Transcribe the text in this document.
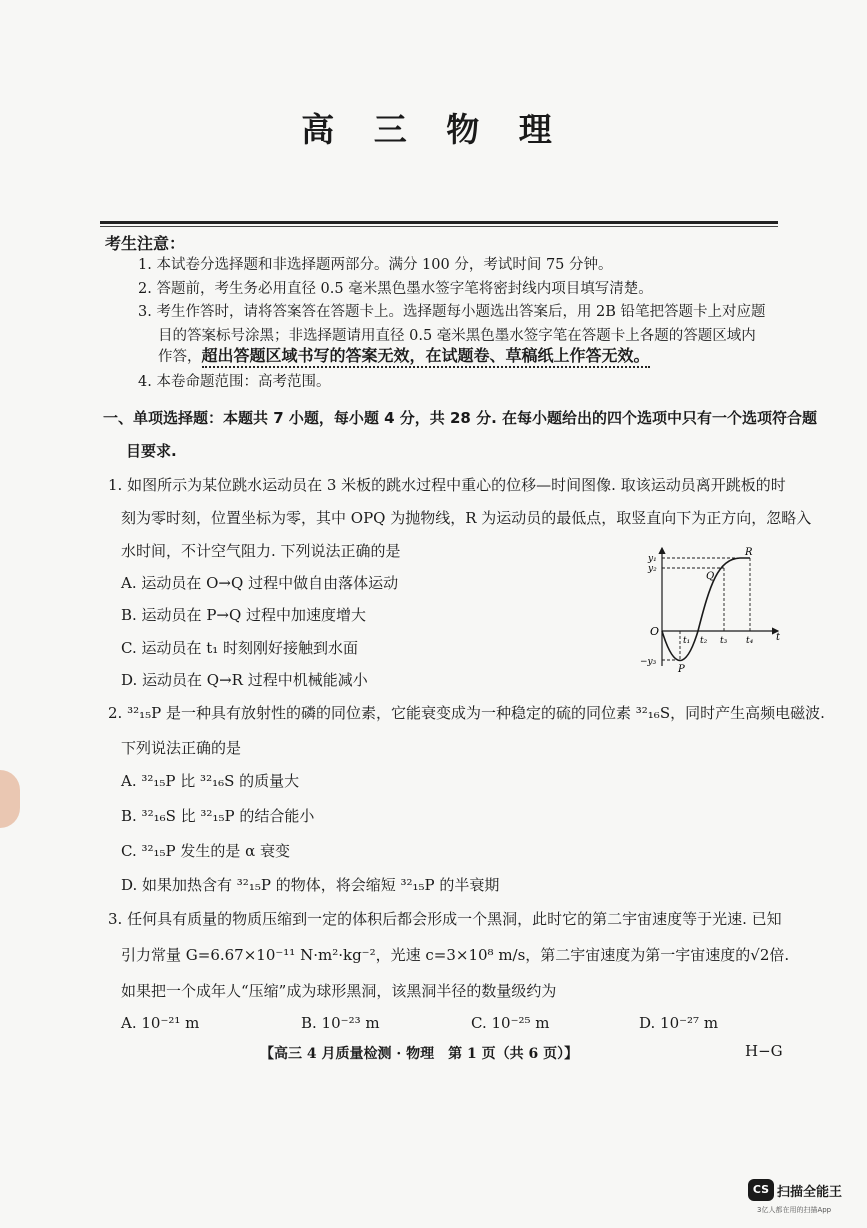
高 三 物 理
考生注意：
1. 本试卷分选择题和非选择题两部分。满分 100 分，考试时间 75 分钟。
2. 答题前，考生务必用直径 0.5 毫米黑色墨水签字笔将密封线内项目填写清楚。
3. 考生作答时，请将答案答在答题卡上。选择题每小题选出答案后，用 2B 铅笔把答题卡上对应题
目的答案标号涂黑；非选择题请用直径 0.5 毫米黑色墨水签字笔在答题卡上各题的答题区域内
作答，超出答题区域书写的答案无效，在试题卷、草稿纸上作答无效。
4. 本卷命题范围：高考范围。
一、单项选择题：本题共 7 小题，每小题 4 分，共 28 分. 在每小题给出的四个选项中只有一个选项符合题
目要求.
1. 如图所示为某位跳水运动员在 3 米板的跳水过程中重心的位移—时间图像. 取该运动员离开跳板的时
刻为零时刻，位置坐标为零，其中 OPQ 为抛物线，R 为运动员的最低点，取竖直向下为正方向，忽略入
水时间，不计空气阻力. 下列说法正确的是
A. 运动员在 O→Q 过程中做自由落体运动
B. 运动员在 P→Q 过程中加速度增大
C. 运动员在 t₁ 时刻刚好接触到水面
D. 运动员在 Q→R 过程中机械能减小
y₁
y₂
O
−y₃
t₁ t₂ t₃ t₄ t
P
Q
R
2. ³²₁₅P 是一种具有放射性的磷的同位素，它能衰变成为一种稳定的硫的同位素 ³²₁₆S，同时产生高频电磁波.
下列说法正确的是
A. ³²₁₅P 比 ³²₁₆S 的质量大
B. ³²₁₆S 比 ³²₁₅P 的结合能小
C. ³²₁₅P 发生的是 α 衰变
D. 如果加热含有 ³²₁₅P 的物体，将会缩短 ³²₁₅P 的半衰期
3. 任何具有质量的物质压缩到一定的体积后都会形成一个黑洞，此时它的第二宇宙速度等于光速. 已知
引力常量 G=6.67×10⁻¹¹ N·m²·kg⁻²，光速 c=3×10⁸ m/s，第二宇宙速度为第一宇宙速度的√2倍.
如果把一个成年人“压缩”成为球形黑洞，该黑洞半径的数量级约为
A. 10⁻²¹ m	B. 10⁻²³ m	C. 10⁻²⁵ m	D. 10⁻²⁷ m
【高三 4 月质量检测 · 物理　第 1 页（共 6 页）】	H−G
CS 扫描全能王
3亿人都在用的扫描App
